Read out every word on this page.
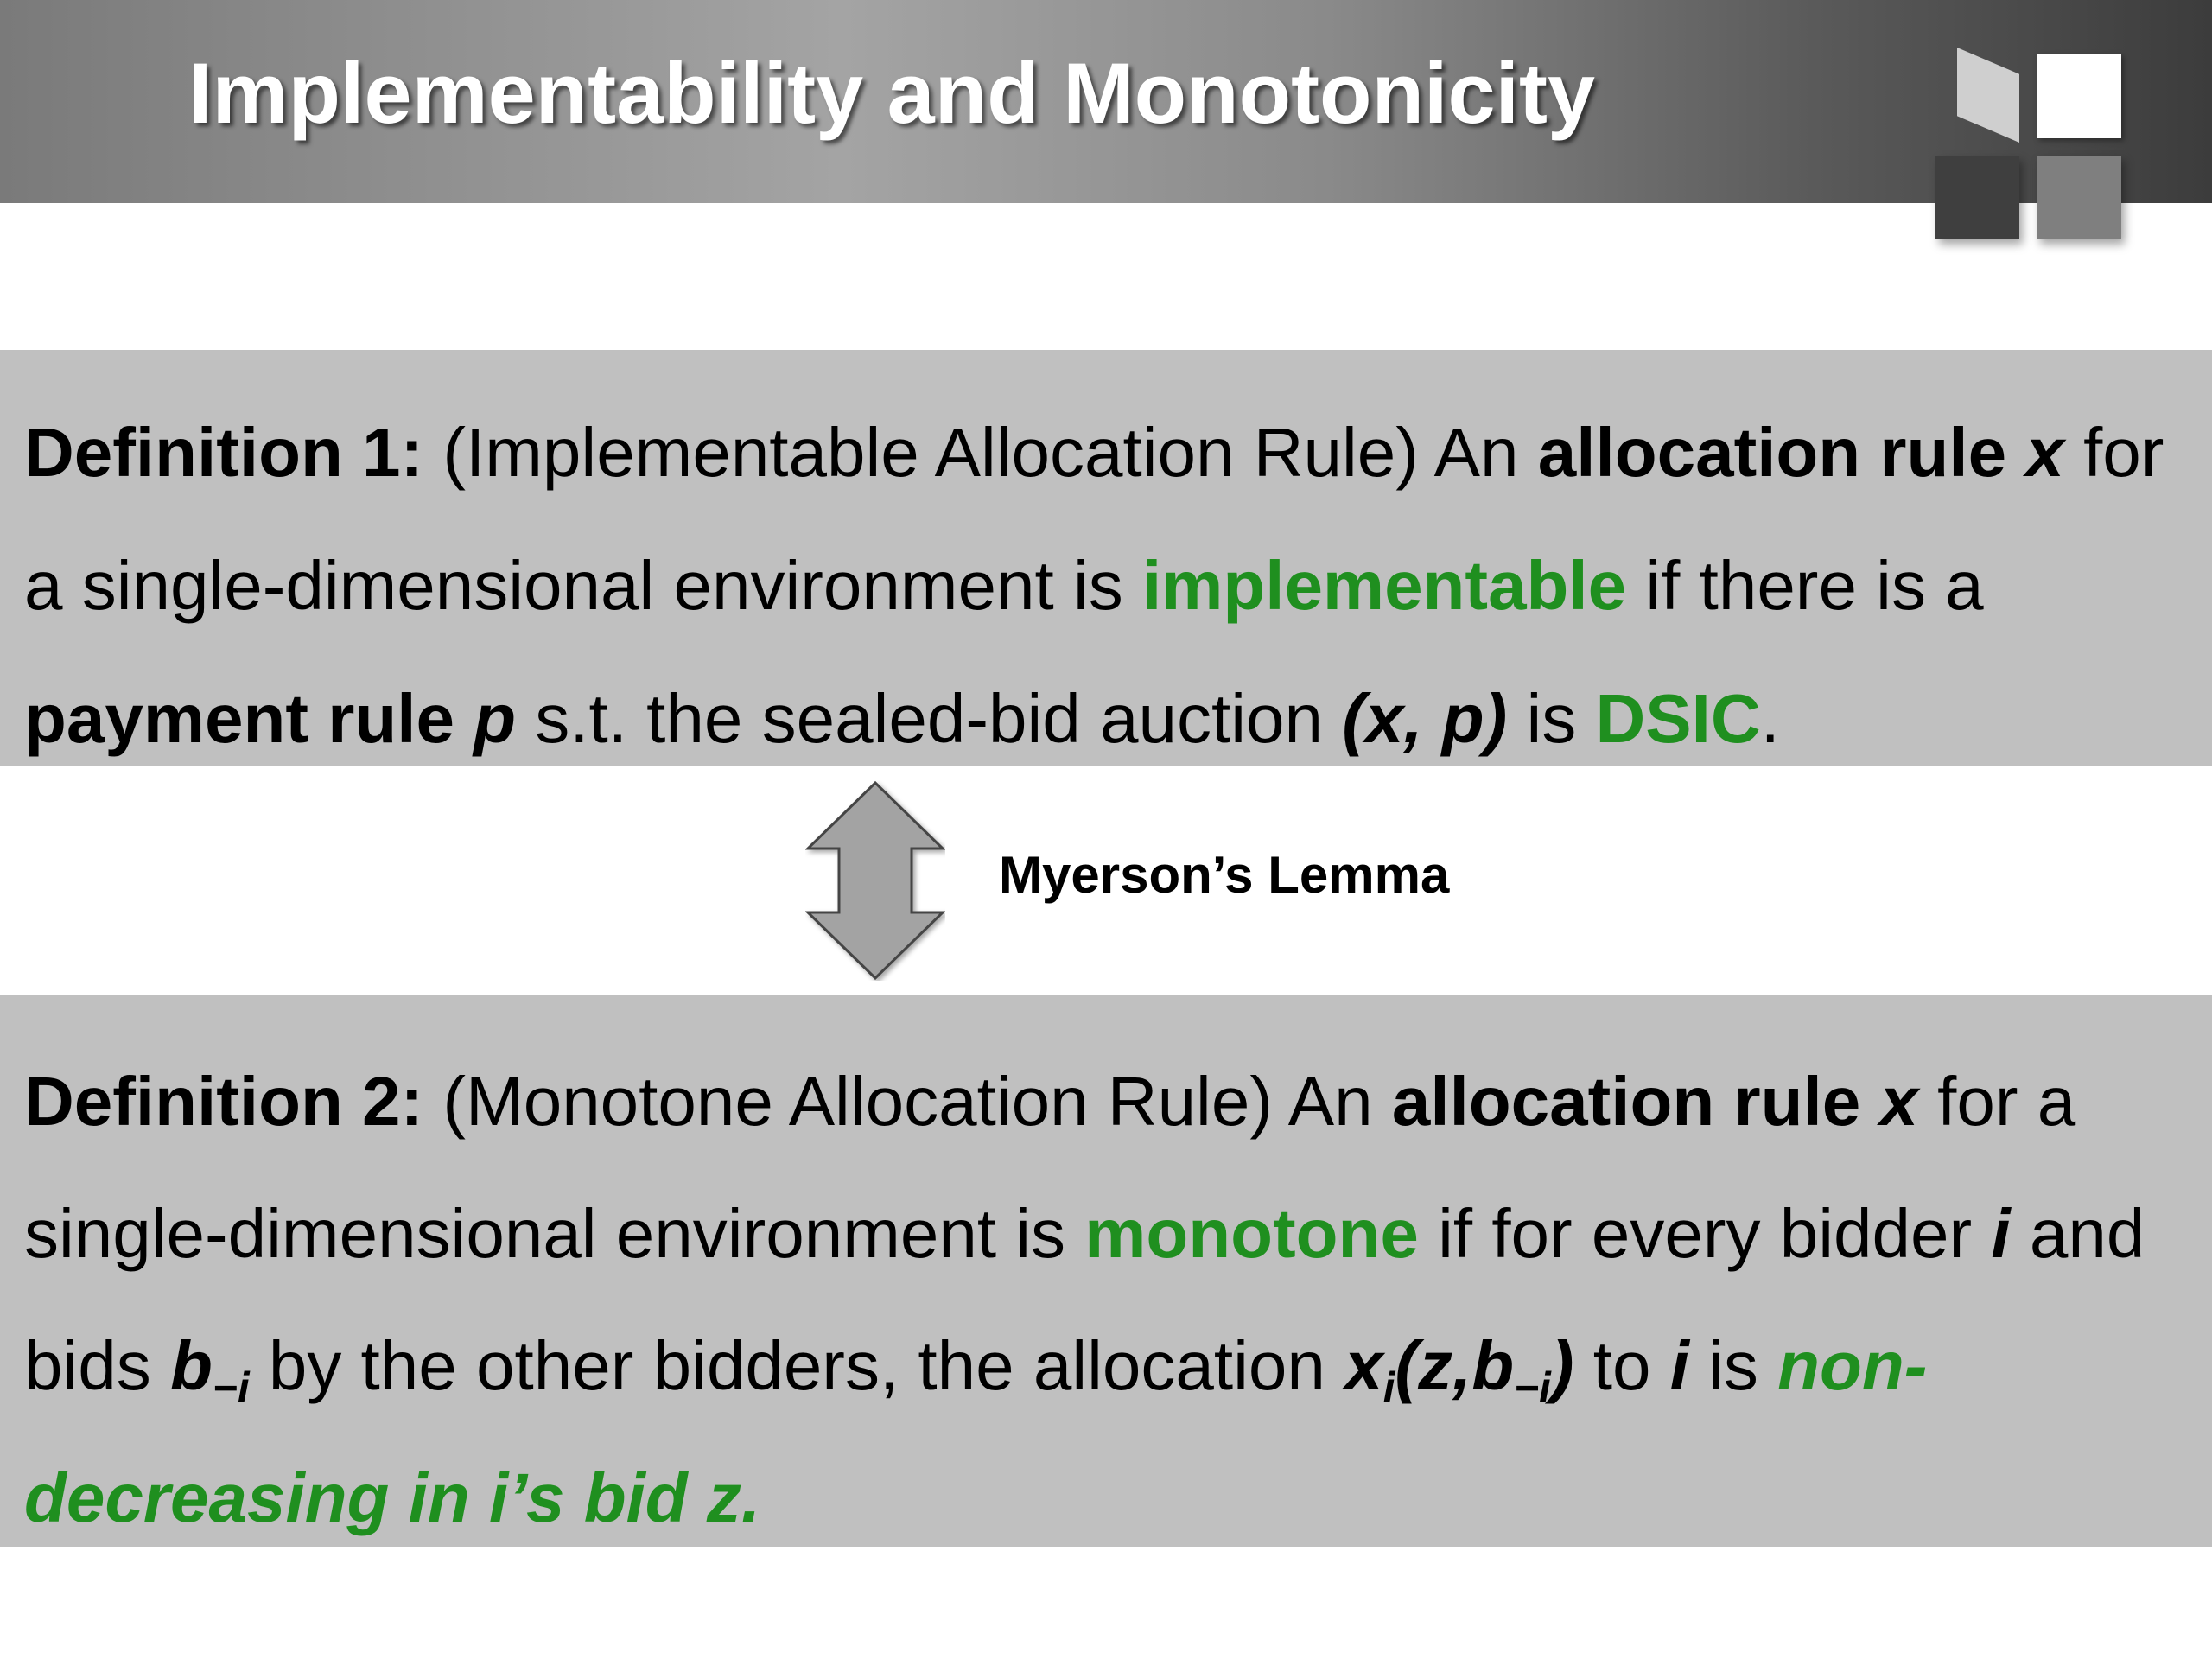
Implementability and Monotonicity

Definition 1: (Implementable Allocation Rule) An allocation rule x for a single-dimensional environment is implementable if there is a payment rule p s.t. the sealed-bid auction (x, p) is DSIC.

Myerson’s Lemma

Definition 2: (Monotone Allocation Rule) An allocation rule x for a single-dimensional environment is monotone if for every bidder i and bids $b_{-i}$ by the other bidders, the allocation $x_i(z,b_{-i})$ to i is non-decreasing in i’s bid z.
